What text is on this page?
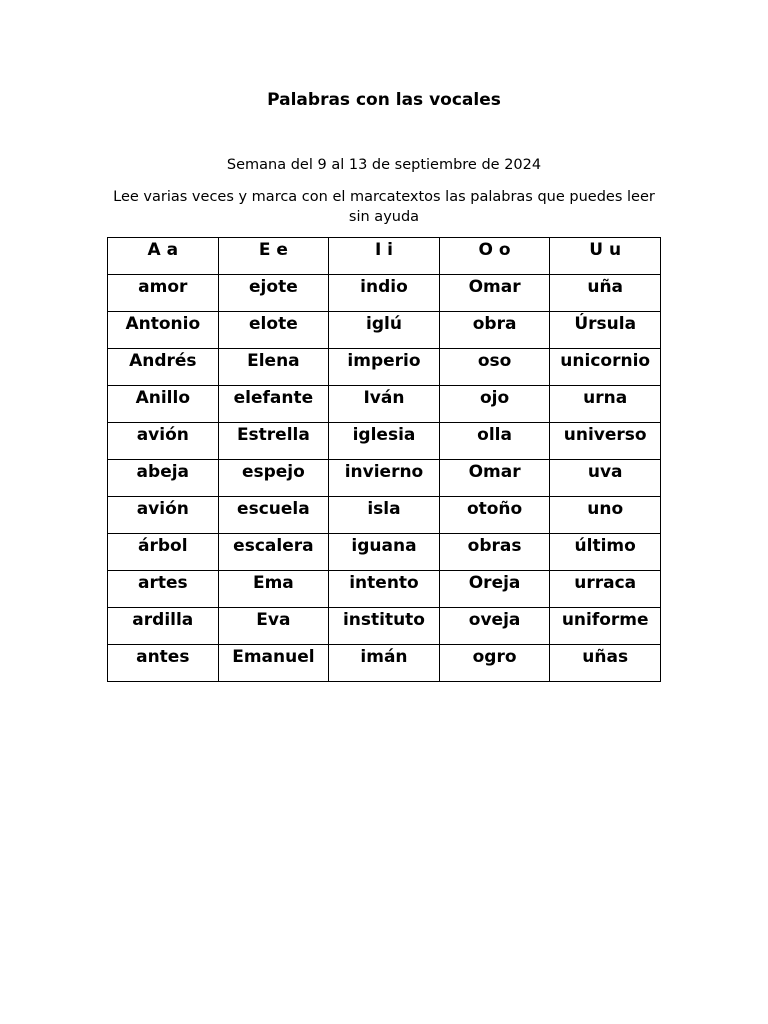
Palabras con las vocales
Semana del 9 al 13 de septiembre de 2024
Lee varias veces y marca con el marcatextos las palabras que puedes leer sin ayuda
A a	E e	I i	O o	U u
amor	ejote	indio	Omar	uña
Antonio	elote	iglú	obra	Úrsula
Andrés	Elena	imperio	oso	unicornio
Anillo	elefante	Iván	ojo	urna
avión	Estrella	iglesia	olla	universo
abeja	espejo	invierno	Omar	uva
avión	escuela	isla	otoño	uno
árbol	escalera	iguana	obras	último
artes	Ema	intento	Oreja	urraca
ardilla	Eva	instituto	oveja	uniforme
antes	Emanuel	imán	ogro	uñas
